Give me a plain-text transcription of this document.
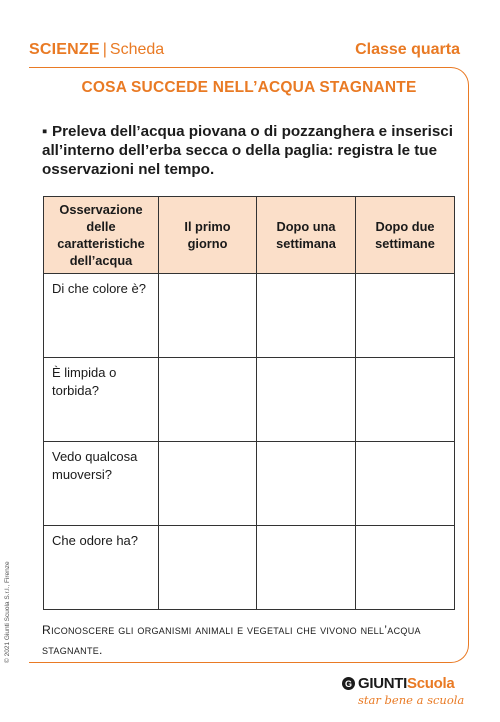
SCIENZE | Scheda	Classe quarta
COSA SUCCEDE NELL’ACQUA STAGNANTE
▪ Preleva dell’acqua piovana o di pozzanghera e inserisci all’interno dell’erba secca o della paglia: registra le tue osservazioni nel tempo.
Osservazione delle caratteristiche dell’acqua	Il primo giorno	Dopo una settimana	Dopo due settimane
Di che colore è?			
È limpida o torbida?			
Vedo qualcosa muoversi?			
Che odore ha?			
Riconoscere gli organismi animali e vegetali che vivono nell’acqua stagnante.
© 2021 Giunti Scuola S.r.l., Firenze
G GIUNTI Scuola
star bene a scuola
